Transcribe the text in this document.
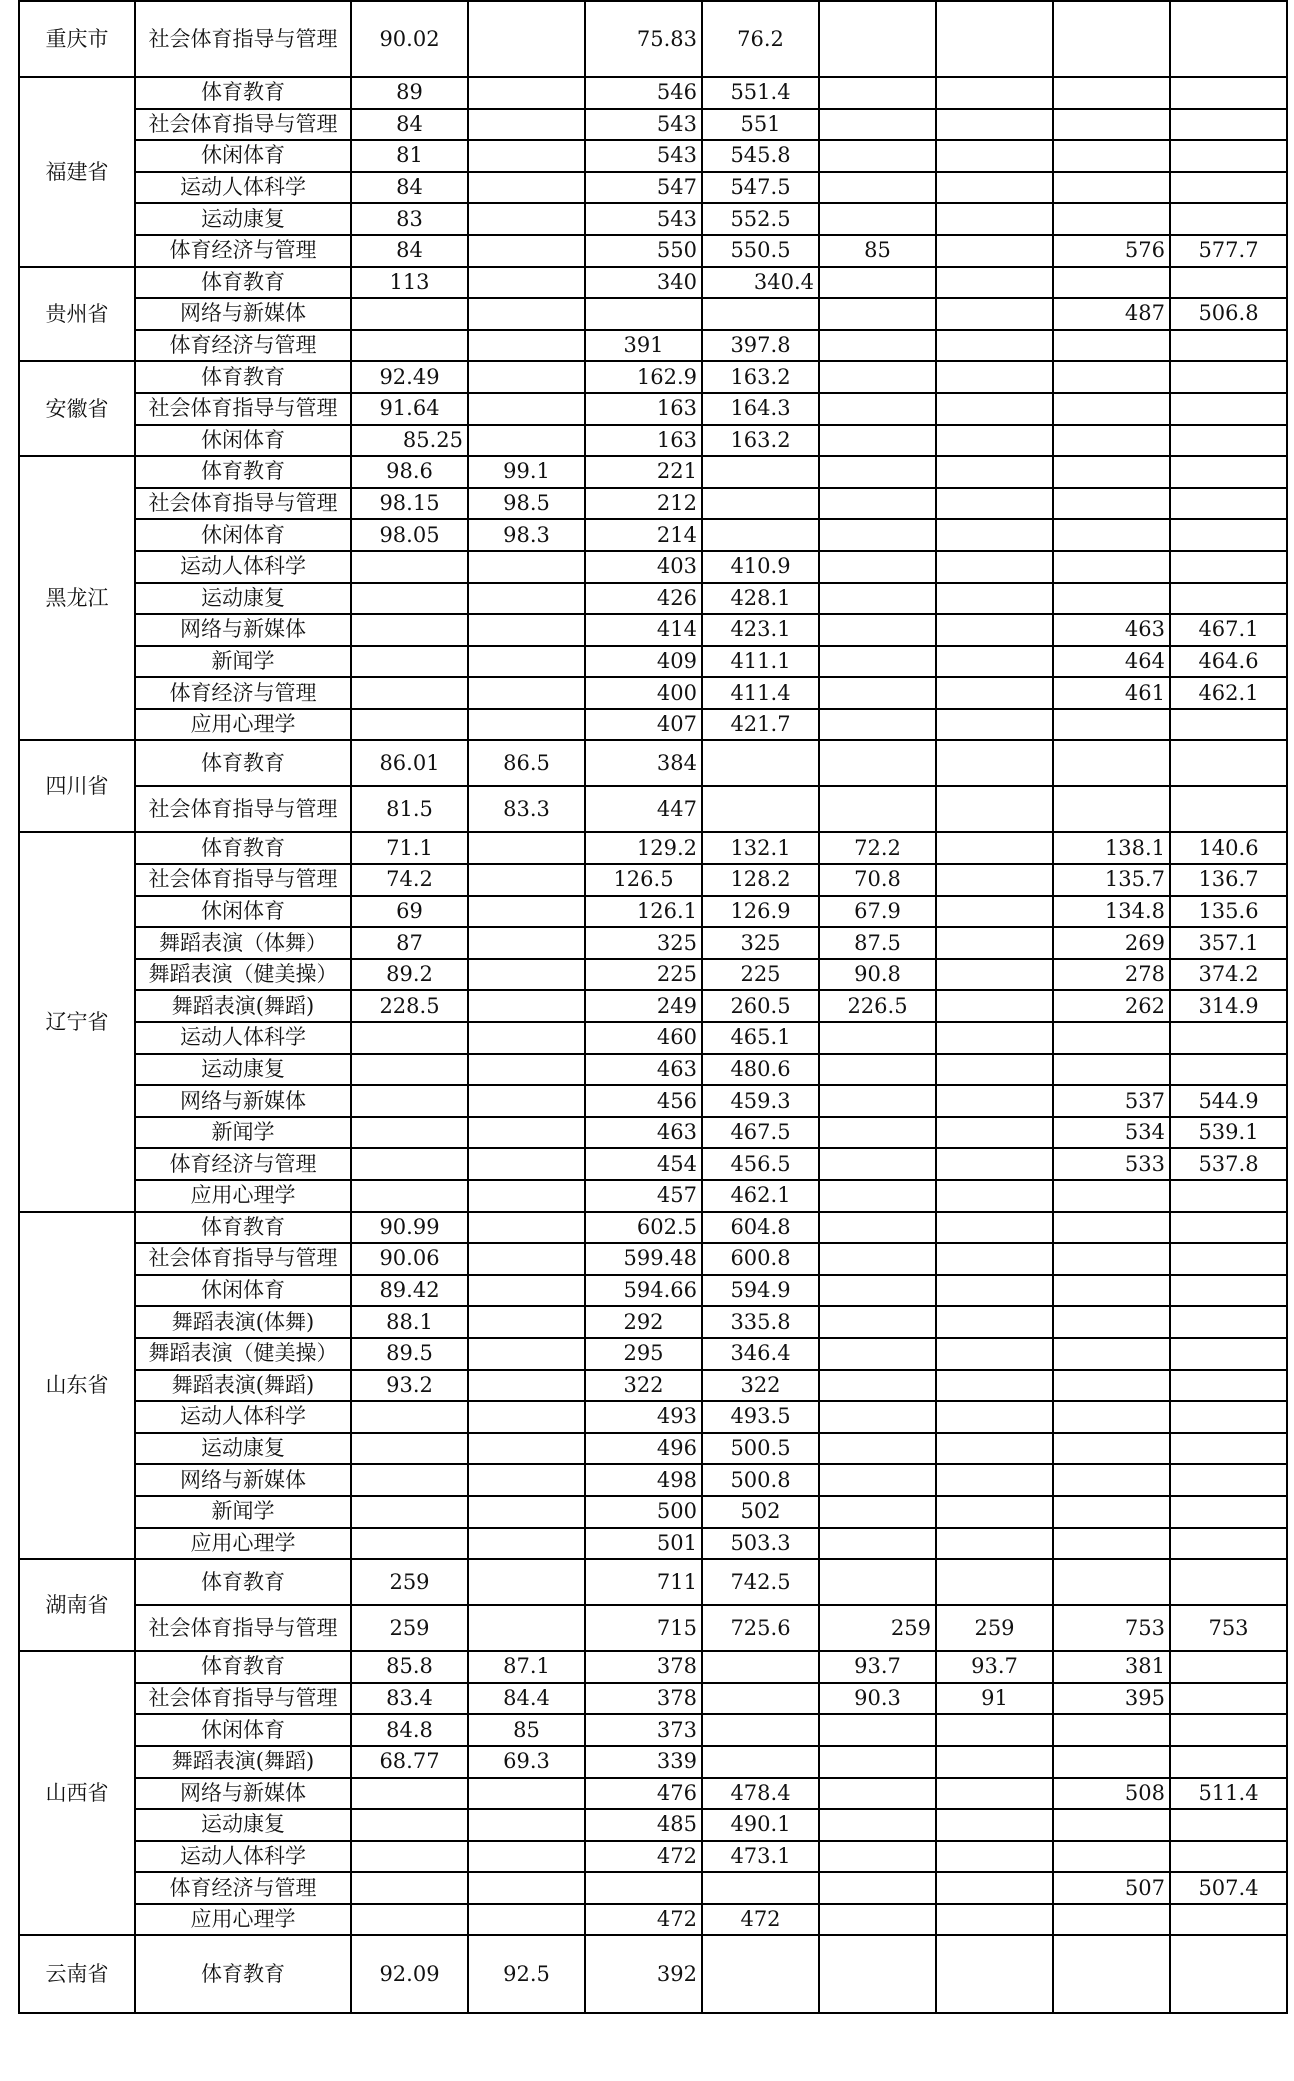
重庆市	社会体育指导与管理	90.02		75.83	76.2				
福建省	体育教育	89		546	551.4				
	社会体育指导与管理	84		543	551				
	休闲体育	81		543	545.8				
	运动人体科学	84		547	547.5				
	运动康复	83		543	552.5				
	体育经济与管理	84		550	550.5	85		576	577.7
贵州省	体育教育	113		340	340.4				
	网络与新媒体							487	506.8
	体育经济与管理			391	397.8				
安徽省	体育教育	92.49		162.9	163.2				
	社会体育指导与管理	91.64		163	164.3				
	休闲体育	85.25		163	163.2				
黑龙江	体育教育	98.6	99.1	221					
	社会体育指导与管理	98.15	98.5	212					
	休闲体育	98.05	98.3	214					
	运动人体科学			403	410.9				
	运动康复			426	428.1				
	网络与新媒体			414	423.1			463	467.1
	新闻学			409	411.1			464	464.6
	体育经济与管理			400	411.4			461	462.1
	应用心理学			407	421.7				
四川省	体育教育	86.01	86.5	384					
	社会体育指导与管理	81.5	83.3	447					
辽宁省	体育教育	71.1		129.2	132.1	72.2		138.1	140.6
	社会体育指导与管理	74.2		126.5	128.2	70.8		135.7	136.7
	休闲体育	69		126.1	126.9	67.9		134.8	135.6
	舞蹈表演（体舞）	87		325	325	87.5		269	357.1
	舞蹈表演（健美操）	89.2		225	225	90.8		278	374.2
	舞蹈表演(舞蹈)	228.5		249	260.5	226.5		262	314.9
	运动人体科学			460	465.1				
	运动康复			463	480.6				
	网络与新媒体			456	459.3			537	544.9
	新闻学			463	467.5			534	539.1
	体育经济与管理			454	456.5			533	537.8
	应用心理学			457	462.1				
山东省	体育教育	90.99		602.5	604.8				
	社会体育指导与管理	90.06		599.48	600.8				
	休闲体育	89.42		594.66	594.9				
	舞蹈表演(体舞)	88.1		292	335.8				
	舞蹈表演（健美操）	89.5		295	346.4				
	舞蹈表演(舞蹈)	93.2		322	322				
	运动人体科学			493	493.5				
	运动康复			496	500.5				
	网络与新媒体			498	500.8				
	新闻学			500	502				
	应用心理学			501	503.3				
湖南省	体育教育	259		711	742.5				
	社会体育指导与管理	259		715	725.6	259	259	753	753
山西省	体育教育	85.8	87.1	378		93.7	93.7	381	
	社会体育指导与管理	83.4	84.4	378		90.3	91	395	
	休闲体育	84.8	85	373					
	舞蹈表演(舞蹈)	68.77	69.3	339					
	网络与新媒体			476	478.4			508	511.4
	运动康复			485	490.1				
	运动人体科学			472	473.1				
	体育经济与管理							507	507.4
	应用心理学			472	472				
云南省	体育教育	92.09	92.5	392					
